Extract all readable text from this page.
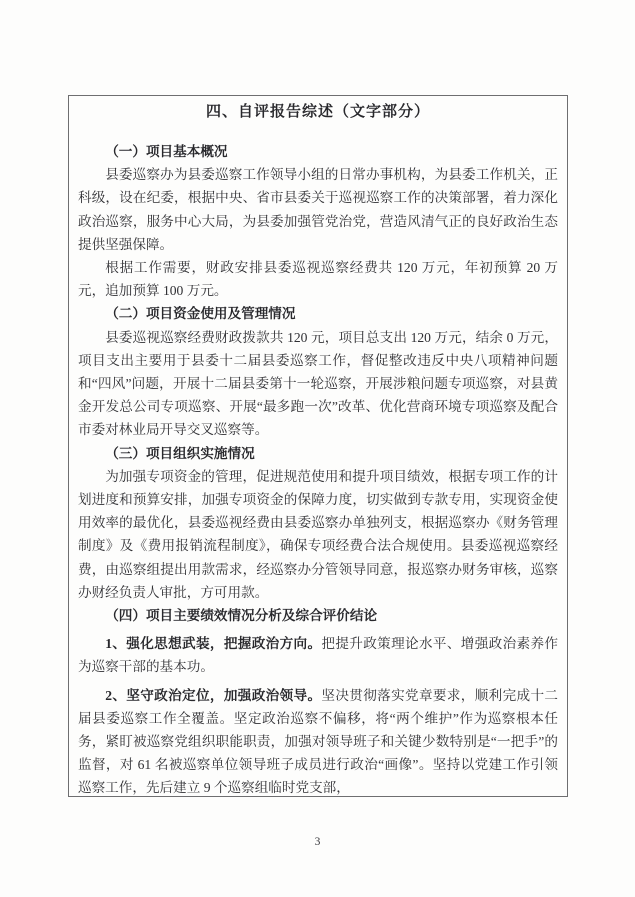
四、自评报告综述（文字部分）
（一）项目基本概况

县委巡察办为县委巡察工作领导小组的日常办事机构，为县委工作机关，正科级，设在纪委，根据中央、省市县委关于巡视巡察工作的决策部署，着力深化政治巡察，服务中心大局，为县委加强管党治党，营造风清气正的良好政治生态提供坚强保障。

根据工作需要，财政安排县委巡视巡察经费共 120 万元，年初预算 20 万元，追加预算 100 万元。

（二）项目资金使用及管理情况

县委巡视巡察经费财政拨款共 120 元，项目总支出 120 万元，结余 0 万元，项目支出主要用于县委十二届县委巡察工作，督促整改违反中央八项精神问题和“四风”问题，开展十二届县委第十一轮巡察，开展涉粮问题专项巡察，对县黄金开发总公司专项巡察、开展“最多跑一次”改革、优化营商环境专项巡察及配合市委对林业局开导交叉巡察等。

（三）项目组织实施情况

为加强专项资金的管理，促进规范使用和提升项目绩效，根据专项工作的计划进度和预算安排，加强专项资金的保障力度，切实做到专款专用，实现资金使用效率的最优化，县委巡视经费由县委巡察办单独列支，根据巡察办《财务管理制度》及《费用报销流程制度》，确保专项经费合法合规使用。县委巡视巡察经费，由巡察组提出用款需求，经巡察办分管领导同意，报巡察办财务审核，巡察办财经负责人审批，方可用款。

（四）项目主要绩效情况分析及综合评价结论

1、强化思想武装，把握政治方向。把提升政策理论水平、增强政治素养作为巡察干部的基本功。

2、坚守政治定位，加强政治领导。坚决贯彻落实党章要求，顺利完成十二届县委巡察工作全覆盖。坚定政治巡察不偏移，将“两个维护”作为巡察根本任务，紧盯被巡察党组织职能职责，加强对领导班子和关键少数特别是“一把手”的监督，对 61 名被巡察单位领导班子成员进行政治“画像”。坚持以党建工作引领巡察工作，先后建立 9 个巡察组临时党支部，

3
